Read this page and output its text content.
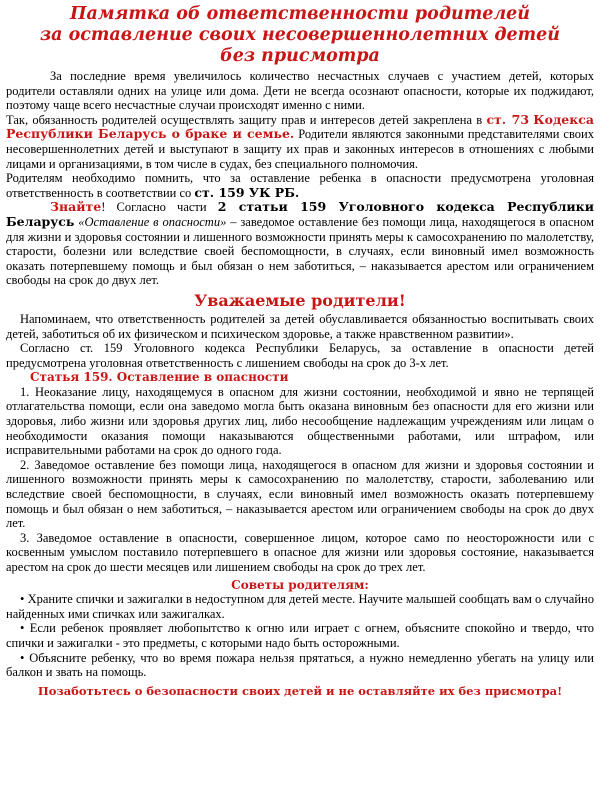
Памятка об ответственности родителей
за оставление своих несовершеннолетних детей
без присмотра

За последние время увеличилось количество несчастных случаев с участием детей, которых родители оставляли одних на улице или дома. Дети не всегда осознают опасности, которые их поджидают, поэтому чаще всего несчастные случаи происходят именно с ними.

Так, обязанность родителей осуществлять защиту прав и интересов детей закреплена в ст. 73 Кодекса Республики Беларусь о браке и семье. Родители являются законными представителями своих несовершеннолетних детей и выступают в защиту их прав и законных интересов в отношениях с любыми лицами и организациями, в том числе в судах, без специального полномочия.

Родителям необходимо помнить, что за оставление ребенка в опасности предусмотрена уголовная ответственность в соответствии со ст. 159 УК РБ.

Знайте! Согласно части 2 статьи 159 Уголовного кодекса Республики Беларусь «Оставление в опасности» – заведомое оставление без помощи лица, находящегося в опасном для жизни и здоровья состоянии и лишенного возможности принять меры к самосохранению по малолетству, старости, болезни или вследствие своей беспомощности, в случаях, если виновный имел возможность оказать потерпевшему помощь и был обязан о нем заботиться, – наказывается арестом или ограничением свободы на срок до двух лет.

Уважаемые родители!

Напоминаем, что ответственность родителей за детей обуславливается обязанностью воспитывать своих детей, заботиться об их физическом и психическом здоровье, а также нравственном развитии».

Согласно ст. 159 Уголовного кодекса Республики Беларусь, за оставление в опасности детей предусмотрена уголовная ответственность с лишением свободы на срок до 3-х лет.

Статья 159. Оставление в опасности

1. Неоказание лицу, находящемуся в опасном для жизни состоянии, необходимой и явно не терпящей отлагательства помощи, если она заведомо могла быть оказана виновным без опасности для его жизни или здоровья, либо жизни или здоровья других лиц, либо несообщение надлежащим учреждениям или лицам о необходимости оказания помощи наказываются общественными работами, или штрафом, или исправительными работами на срок до одного года.

2. Заведомое оставление без помощи лица, находящегося в опасном для жизни и здоровья состоянии и лишенного возможности принять меры к самосохранению по малолетству, старости, заболеванию или вследствие своей беспомощности, в случаях, если виновный имел возможность оказать потерпевшему помощь и был обязан о нем заботиться, – наказывается арестом или ограничением свободы на срок до двух лет.

3. Заведомое оставление в опасности, совершенное лицом, которое само по неосторожности или с косвенным умыслом поставило потерпевшего в опасное для жизни или здоровья состояние, наказывается арестом на срок до шести месяцев или лишением свободы на срок до трех лет.

Советы родителям:

• Храните спички и зажигалки в недоступном для детей месте. Научите малышей сообщать вам о случайно найденных ими спичках или зажигалках.

• Если ребенок проявляет любопытство к огню или играет с огнем, объясните спокойно и твердо, что спички и зажигалки - это предметы, с которыми надо быть осторожными.

• Объясните ребенку, что во время пожара нельзя прятаться, а нужно немедленно убегать на улицу или балкон и звать на помощь.

Позаботьтесь о безопасности своих детей и не оставляйте их без присмотра!
